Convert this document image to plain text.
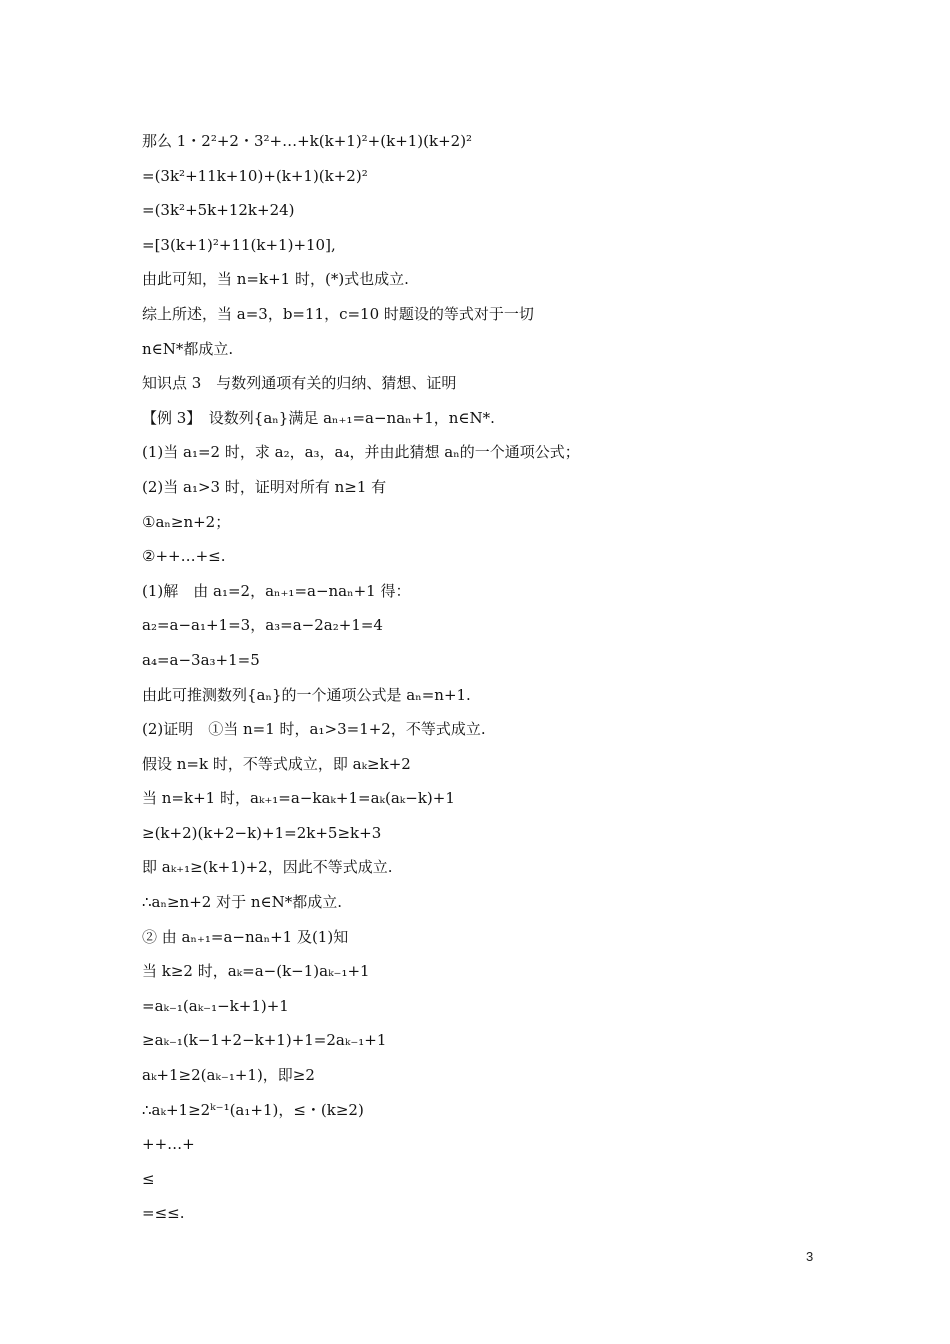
那么 1・2²+2・3²+…+k(k+1)²+(k+1)(k+2)²
=(3k²+11k+10)+(k+1)(k+2)²
=(3k²+5k+12k+24)
=[3(k+1)²+11(k+1)+10],
由此可知，当 n=k+1 时，(*)式也成立.
综上所述，当 a=3，b=11，c=10 时题设的等式对于一切
n∈N*都成立.
知识点 3　与数列通项有关的归纳、猜想、证明
【例 3】　设数列{aₙ}满足 aₙ₊₁=a−naₙ+1，n∈N*.
(1)当 a₁=2 时，求 a₂，a₃，a₄，并由此猜想 aₙ的一个通项公式；
(2)当 a₁>3 时，证明对所有 n≥1 有
①aₙ≥n+2；
②++…+≤.
(1)解　由 a₁=2，aₙ₊₁=a−naₙ+1 得：
a₂=a−a₁+1=3，a₃=a−2a₂+1=4
a₄=a−3a₃+1=5
由此可推测数列{aₙ}的一个通项公式是 aₙ=n+1.
(2)证明　①当 n=1 时，a₁>3=1+2，不等式成立.
假设 n=k 时，不等式成立，即 aₖ≥k+2
当 n=k+1 时，aₖ₊₁=a−kaₖ+1=aₖ(aₖ−k)+1
≥(k+2)(k+2−k)+1=2k+5≥k+3
即 aₖ₊₁≥(k+1)+2，因此不等式成立.
∴aₙ≥n+2 对于 n∈N*都成立.
② 由 aₙ₊₁=a−naₙ+1 及(1)知
当 k≥2 时，aₖ=a−(k−1)aₖ₋₁+1
=aₖ₋₁(aₖ₋₁−k+1)+1
≥aₖ₋₁(k−1+2−k+1)+1=2aₖ₋₁+1
aₖ+1≥2(aₖ₋₁+1)，即≥2
∴aₖ+1≥2ᵏ⁻¹(a₁+1)，≤・(k≥2)
++…+
≤
=≤≤.
3
